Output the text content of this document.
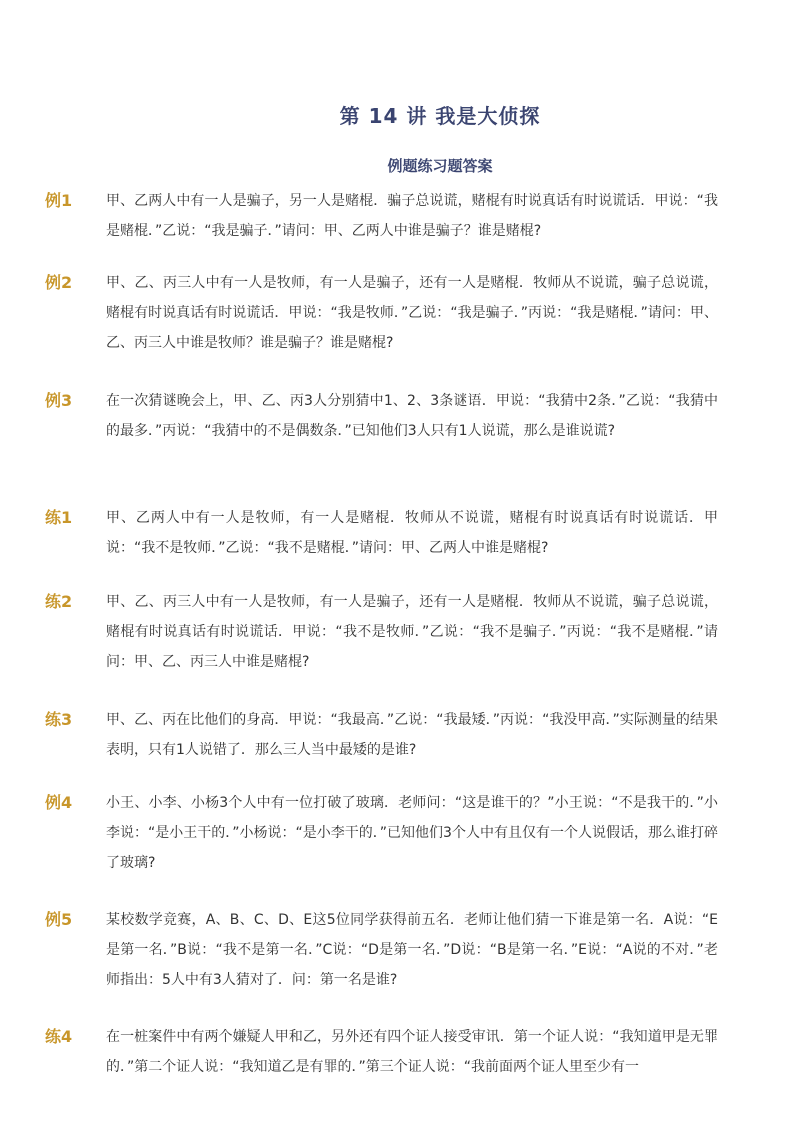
第 14 讲 我是大侦探
例题练习题答案
例1 甲、乙两人中有一人是骗子，另一人是赌棍．骗子总说谎，赌棍有时说真话有时说谎话．甲说：“我是赌棍．”乙说：“我是骗子．”请问：甲、乙两人中谁是骗子？谁是赌棍?
例2 甲、乙、丙三人中有一人是牧师，有一人是骗子，还有一人是赌棍．牧师从不说谎，骗子总说谎，赌棍有时说真话有时说谎话．甲说：“我是牧师．”乙说：“我是骗子．”丙说：“我是赌棍．”请问：甲、乙、丙三人中谁是牧师？谁是骗子？谁是赌棍?
例3 在一次猜谜晚会上，甲、乙、丙3人分别猜中1、2、3条谜语．甲说：“我猜中2条．”乙说：“我猜中的最多．”丙说：“我猜中的不是偶数条．”已知他们3人只有1人说谎，那么是谁说谎?
练1 甲、乙两人中有一人是牧师，有一人是赌棍．牧师从不说谎，赌棍有时说真话有时说谎话．甲说：“我不是牧师．”乙说：“我不是赌棍．”请问：甲、乙两人中谁是赌棍?
练2 甲、乙、丙三人中有一人是牧师，有一人是骗子，还有一人是赌棍．牧师从不说谎，骗子总说谎，赌棍有时说真话有时说谎话．甲说：“我不是牧师．”乙说：“我不是骗子．”丙说：“我不是赌棍．”请问：甲、乙、丙三人中谁是赌棍?
练3 甲、乙、丙在比他们的身高．甲说：“我最高．”乙说：“我最矮．”丙说：“我没甲高．”实际测量的结果表明，只有1人说错了．那么三人当中最矮的是谁?
例4 小王、小李、小杨3个人中有一位打破了玻璃．老师问：“这是谁干的？”小王说：“不是我干的．”小李说：“是小王干的．”小杨说：“是小李干的．”已知他们3个人中有且仅有一个人说假话，那么谁打碎了玻璃?
例5 某校数学竞赛，A、B、C、D、E这5位同学获得前五名．老师让他们猜一下谁是第一名．A说：“E是第一名．”B说：“我不是第一名．”C说：“D是第一名．”D说：“B是第一名．”E说：“A说的不对．”老师指出：5人中有3人猜对了．问：第一名是谁?
练4 在一桩案件中有两个嫌疑人甲和乙，另外还有四个证人接受审讯．第一个证人说：“我知道甲是无罪的．”第二个证人说：“我知道乙是有罪的．”第三个证人说：“我前面两个证人里至少有一
